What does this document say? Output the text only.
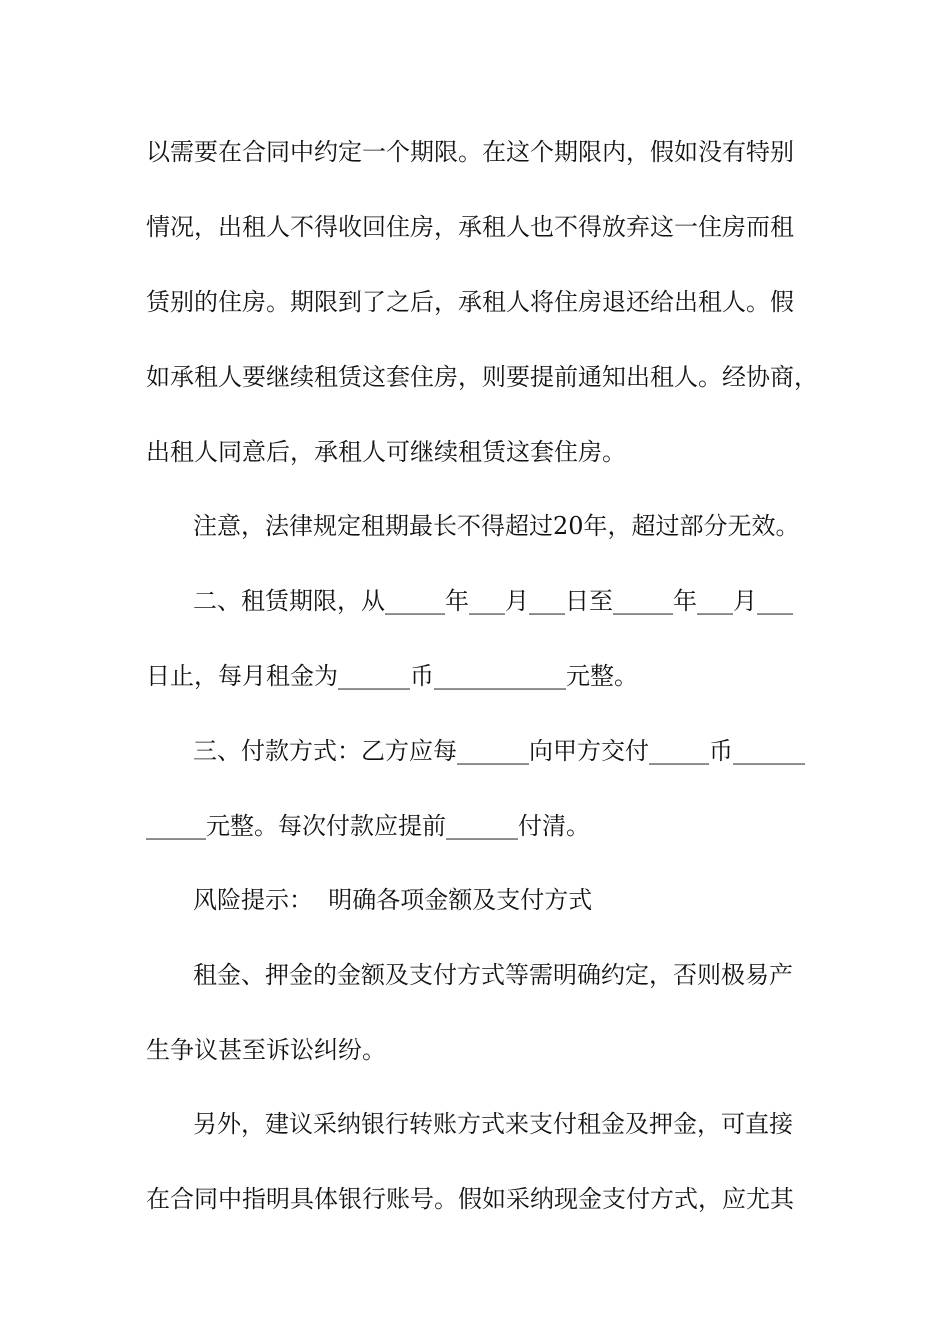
以需要在合同中约定一个期限。在这个期限内，假如没有特别

情况，出租人不得收回住房，承租人也不得放弃这一住房而租

赁别的住房。期限到了之后，承租人将住房退还给出租人。假

如承租人要继续租赁这套住房，则要提前通知出租人。经协商，

出租人同意后，承租人可继续租赁这套住房。

注意，法律规定租期最长不得超过20年，超过部分无效。

二、租赁期限，从_____年___月___日至_____年___月___

日止，每月租金为______币___________元整。

三、付款方式：乙方应每______向甲方交付_____币______

_____元整。每次付款应提前______付清。

风险提示：  明确各项金额及支付方式

租金、押金的金额及支付方式等需明确约定，否则极易产

生争议甚至诉讼纠纷。

另外，建议采纳银行转账方式来支付租金及押金，可直接

在合同中指明具体银行账号。假如采纳现金支付方式，应尤其
